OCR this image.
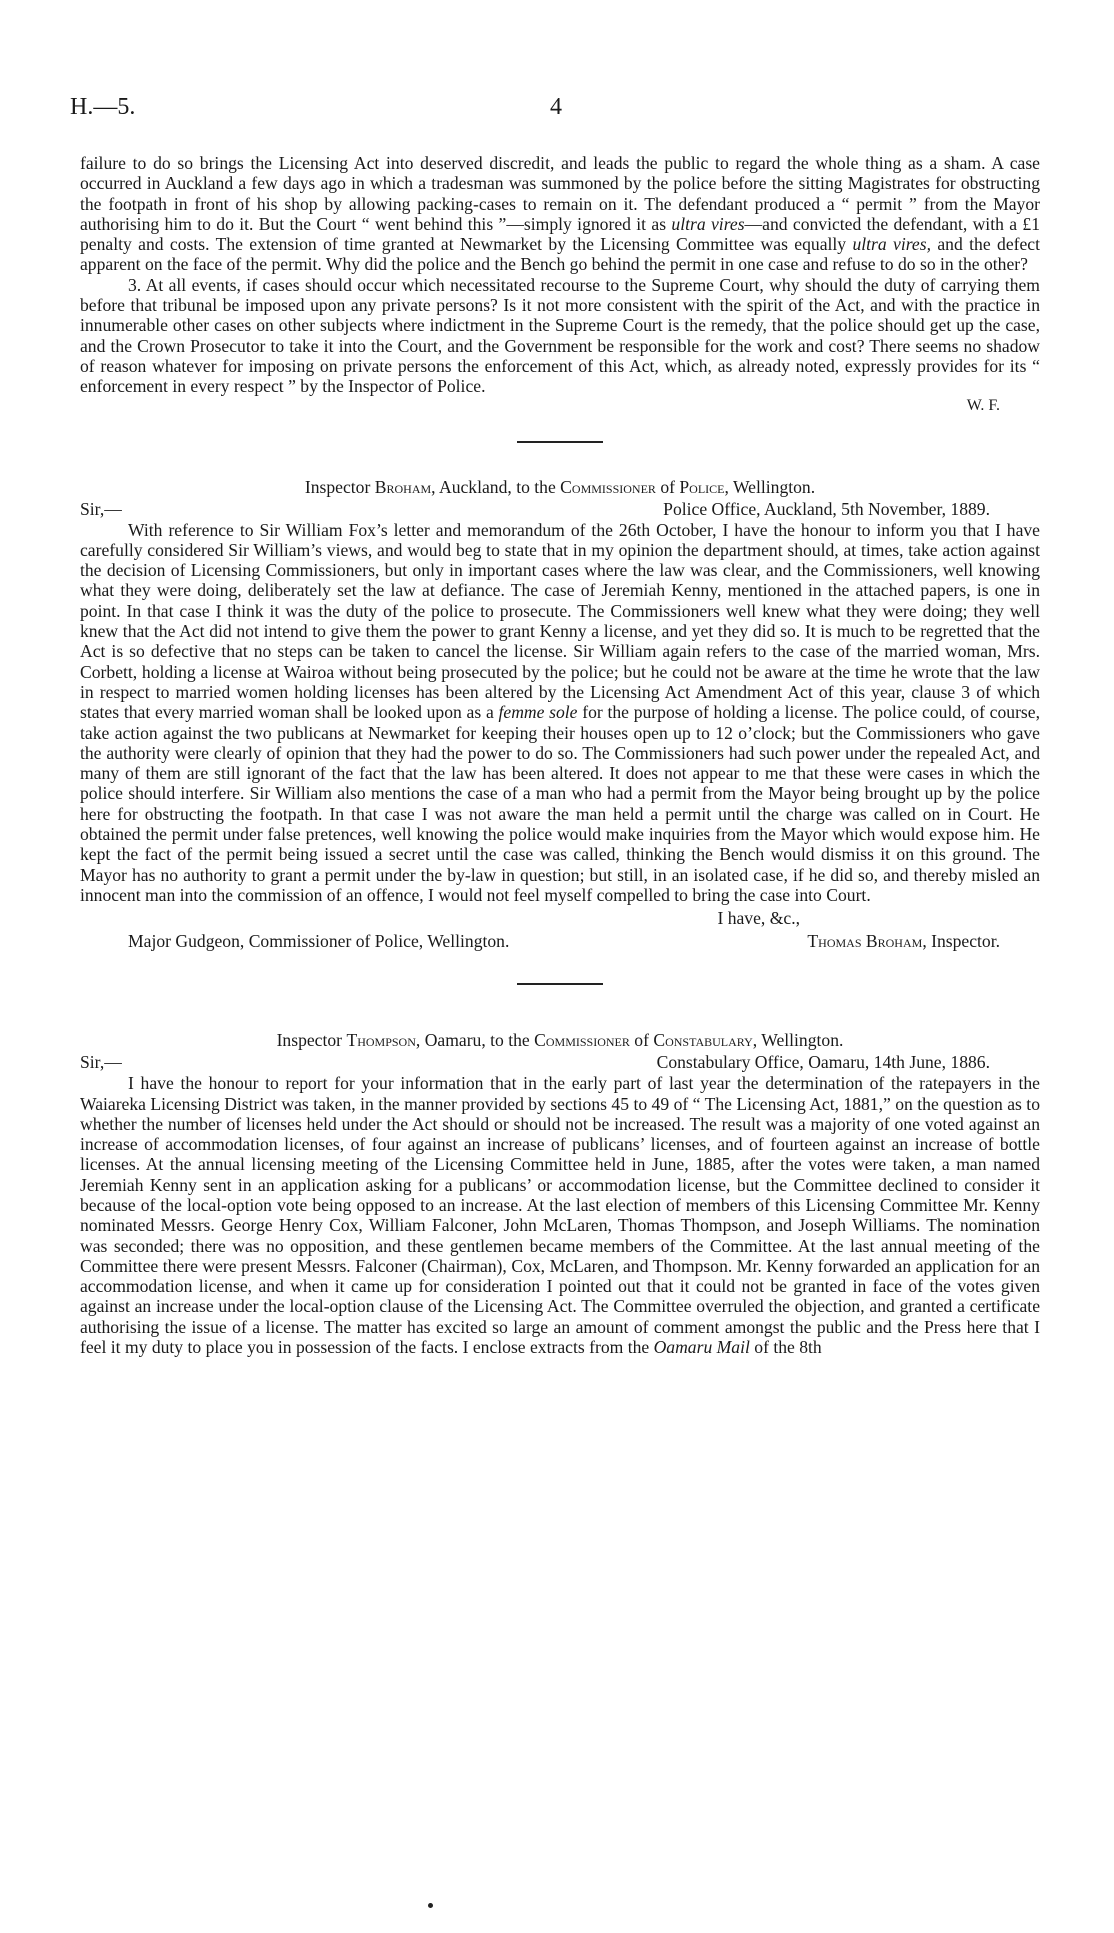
H.—5.	4

failure to do so brings the Licensing Act into deserved discredit, and leads the public to regard the whole thing as a sham. A case occurred in Auckland a few days ago in which a tradesman was summoned by the police before the sitting Magistrates for obstructing the footpath in front of his shop by allowing packing-cases to remain on it. The defendant produced a “ permit ” from the Mayor authorising him to do it. But the Court “ went behind this ”—simply ignored it as ultra vires—and convicted the defendant, with a £1 penalty and costs. The extension of time granted at Newmarket by the Licensing Committee was equally ultra vires, and the defect apparent on the face of the permit. Why did the police and the Bench go behind the permit in one case and refuse to do so in the other?

3. At all events, if cases should occur which necessitated recourse to the Supreme Court, why should the duty of carrying them before that tribunal be imposed upon any private persons? Is it not more consistent with the spirit of the Act, and with the practice in innumerable other cases on other subjects where indictment in the Supreme Court is the remedy, that the police should get up the case, and the Crown Prosecutor to take it into the Court, and the Government be responsible for the work and cost? There seems no shadow of reason whatever for imposing on private persons the enforcement of this Act, which, as already noted, expressly provides for its “ enforcement in every respect ” by the Inspector of Police.

W. F.
Inspector Broham, Auckland, to the Commissioner of Police, Wellington.
Sir,—	Police Office, Auckland, 5th November, 1889.

With reference to Sir William Fox’s letter and memorandum of the 26th October, I have the honour to inform you that I have carefully considered Sir William’s views, and would beg to state that in my opinion the department should, at times, take action against the decision of Licensing Commissioners, but only in important cases where the law was clear, and the Commissioners, well knowing what they were doing, deliberately set the law at defiance. The case of Jeremiah Kenny, mentioned in the attached papers, is one in point. In that case I think it was the duty of the police to prosecute. The Commissioners well knew what they were doing; they well knew that the Act did not intend to give them the power to grant Kenny a license, and yet they did so. It is much to be regretted that the Act is so defective that no steps can be taken to cancel the license. Sir William again refers to the case of the married woman, Mrs. Corbett, holding a license at Wairoa without being prosecuted by the police; but he could not be aware at the time he wrote that the law in respect to married women holding licenses has been altered by the Licensing Act Amendment Act of this year, clause 3 of which states that every married woman shall be looked upon as a femme sole for the purpose of holding a license. The police could, of course, take action against the two publicans at Newmarket for keeping their houses open up to 12 o’clock; but the Commissioners who gave the authority were clearly of opinion that they had the power to do so. The Commissioners had such power under the repealed Act, and many of them are still ignorant of the fact that the law has been altered. It does not appear to me that these were cases in which the police should interfere. Sir William also mentions the case of a man who had a permit from the Mayor being brought up by the police here for obstructing the footpath. In that case I was not aware the man held a permit until the charge was called on in Court. He obtained the permit under false pretences, well knowing the police would make inquiries from the Mayor which would expose him. He kept the fact of the permit being issued a secret until the case was called, thinking the Bench would dismiss it on this ground. The Mayor has no authority to grant a permit under the by-law in question; but still, in an isolated case, if he did so, and thereby misled an innocent man into the commission of an offence, I would not feel myself compelled to bring the case into Court.

I have, &c.,
Major Gudgeon, Commissioner of Police, Wellington.	Thomas Broham, Inspector.
Inspector Thompson, Oamaru, to the Commissioner of Constabulary, Wellington.
Sir,—	Constabulary Office, Oamaru, 14th June, 1886.

I have the honour to report for your information that in the early part of last year the determination of the ratepayers in the Waiareka Licensing District was taken, in the manner provided by sections 45 to 49 of “ The Licensing Act, 1881,” on the question as to whether the number of licenses held under the Act should or should not be increased. The result was a majority of one voted against an increase of accommodation licenses, of four against an increase of publicans’ licenses, and of fourteen against an increase of bottle licenses. At the annual licensing meeting of the Licensing Committee held in June, 1885, after the votes were taken, a man named Jeremiah Kenny sent in an application asking for a publicans’ or accommodation license, but the Committee declined to consider it because of the local-option vote being opposed to an increase. At the last election of members of this Licensing Committee Mr. Kenny nominated Messrs. George Henry Cox, William Falconer, John McLaren, Thomas Thompson, and Joseph Williams. The nomination was seconded; there was no opposition, and these gentlemen became members of the Committee. At the last annual meeting of the Committee there were present Messrs. Falconer (Chairman), Cox, McLaren, and Thompson. Mr. Kenny forwarded an application for an accommodation license, and when it came up for consideration I pointed out that it could not be granted in face of the votes given against an increase under the local-option clause of the Licensing Act. The Committee overruled the objection, and granted a certificate authorising the issue of a license. The matter has excited so large an amount of comment amongst the public and the Press here that I feel it my duty to place you in possession of the facts. I enclose extracts from the Oamaru Mail of the 8th
